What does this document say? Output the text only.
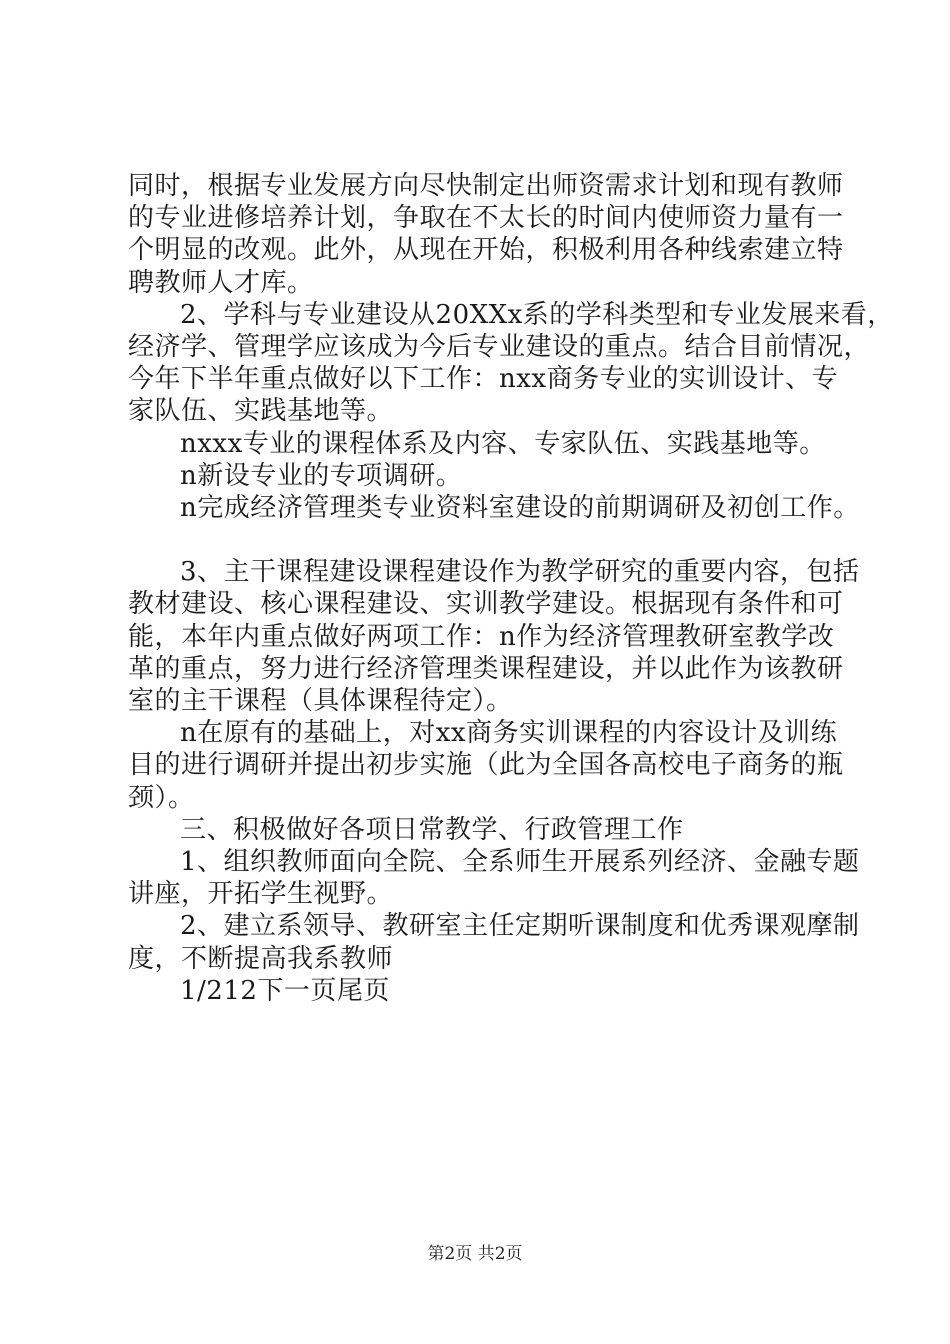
同时，根据专业发展方向尽快制定出师资需求计划和现有教师
的专业进修培养计划，争取在不太长的时间内使师资力量有一
个明显的改观。此外，从现在开始，积极利用各种线索建立特
聘教师人才库。
2、学科与专业建设从20XXx系的学科类型和专业发展来看，
经济学、管理学应该成为今后专业建设的重点。结合目前情况，
今年下半年重点做好以下工作：nxx商务专业的实训设计、专
家队伍、实践基地等。
nxxx专业的课程体系及内容、专家队伍、实践基地等。
n新设专业的专项调研。
n完成经济管理类专业资料室建设的前期调研及初创工作。
3、主干课程建设课程建设作为教学研究的重要内容，包括
教材建设、核心课程建设、实训教学建设。根据现有条件和可
能，本年内重点做好两项工作：n作为经济管理教研室教学改
革的重点，努力进行经济管理类课程建设，并以此作为该教研
室的主干课程（具体课程待定）。
n在原有的基础上，对xx商务实训课程的内容设计及训练
目的进行调研并提出初步实施（此为全国各高校电子商务的瓶
颈）。
三、积极做好各项日常教学、行政管理工作
1、组织教师面向全院、全系师生开展系列经济、金融专题
讲座，开拓学生视野。
2、建立系领导、教研室主任定期听课制度和优秀课观摩制
度，不断提高我系教师
1/212下一页尾页
第2页 共2页
